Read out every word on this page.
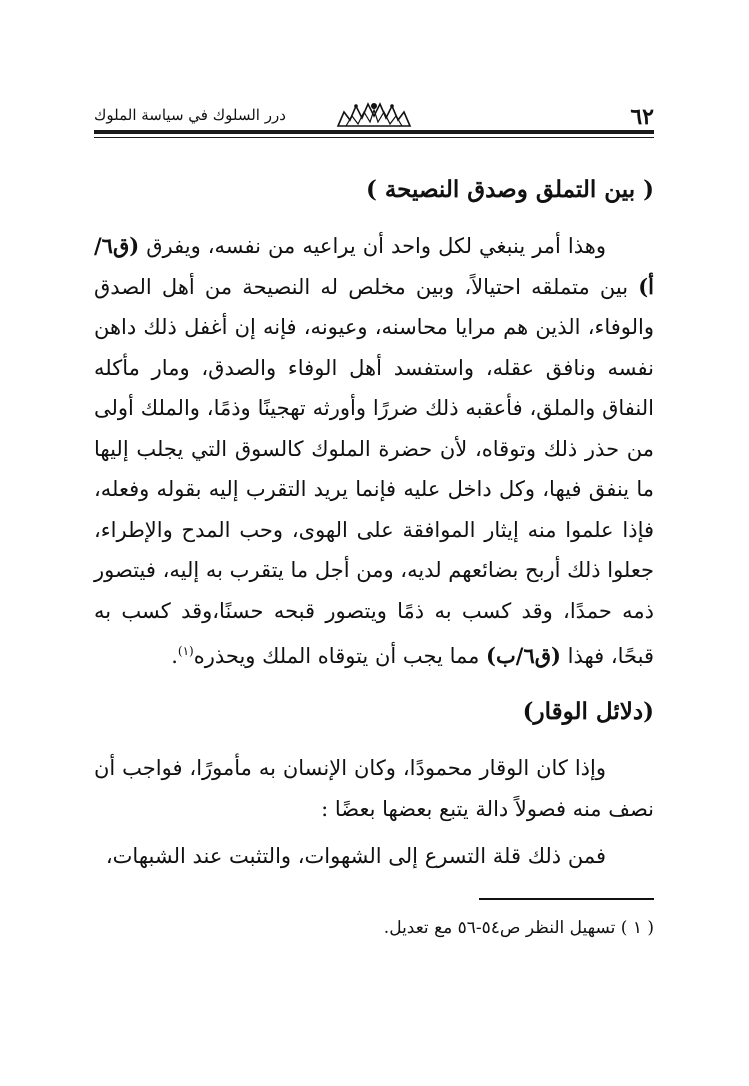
٦٢
درر السلوك في سياسة الملوك
( بين التملق وصدق النصيحة )

وهذا أمر ينبغي لكل واحد أن يراعيه من نفسه، ويفرق (ق٦/أ) بين متملقه احتيالاً، وبين مخلص له النصيحة من أهل الصدق والوفاء، الذين هم مرايا محاسنه، وعيونه، فإنه إن أغفل ذلك داهن نفسه ونافق عقله، واستفسد أهل الوفاء والصدق، ومار مأكله النفاق والملق، فأعقبه ذلك ضررًا وأورثه تهجينًا وذمًا، والملك أولى من حذر ذلك وتوقاه، لأن حضرة الملوك كالسوق التي يجلب إليها ما ينفق فيها، وكل داخل عليه فإنما يريد التقرب إليه بقوله وفعله، فإذا علموا منه إيثار الموافقة على الهوى، وحب المدح والإطراء، جعلوا ذلك أربح بضائعهم لديه، ومن أجل ما يتقرب به إليه، فيتصور ذمه حمدًا، وقد كسب به ذمًا ويتصور قبحه حسنًا،وقد كسب به قبحًا، فهذا (ق٦/ب) مما يجب أن يتوقاه الملك ويحذره$^{(١)}$.

(دلائل الوقار)

وإذا كان الوقار محمودًا، وكان الإنسان به مأمورًا، فواجب أن نصف منه فصولاً دالة يتبع بعضها بعضًا :

فمن ذلك قلة التسرع إلى الشهوات، والتثبت عند الشبهات،

( ١ ) تسهيل النظر ص٥٤-٥٦ مع تعديل.
